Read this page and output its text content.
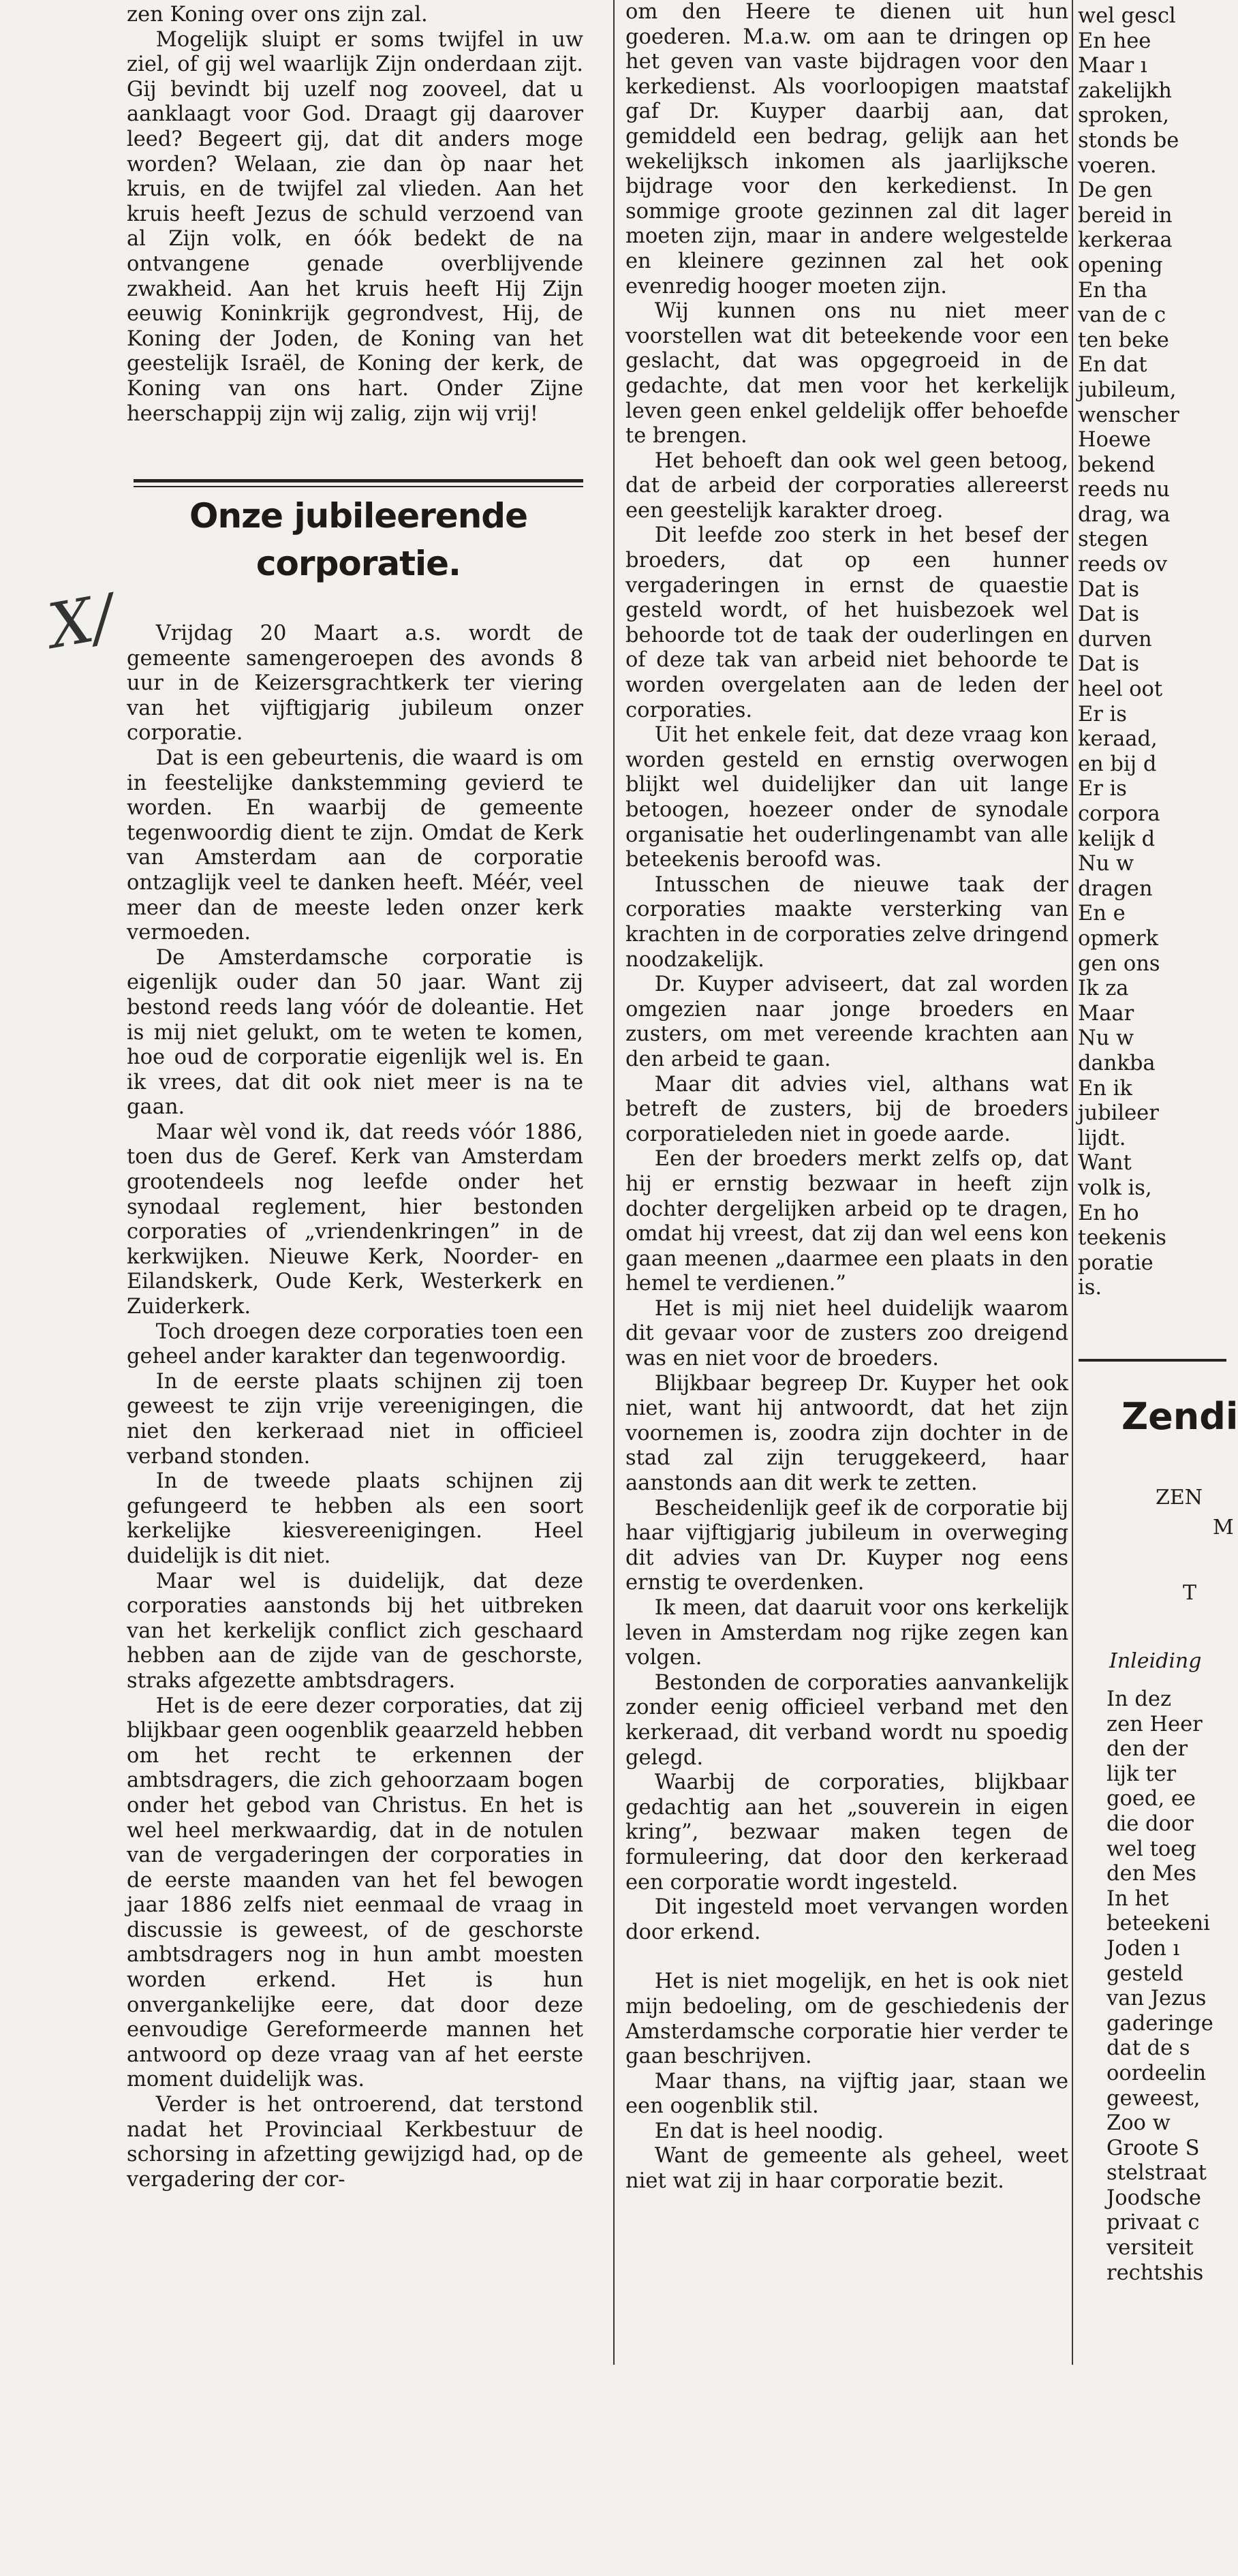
zen Koning over ons zijn zal.

Mogelijk sluipt er soms twijfel in uw ziel, of gij wel waarlijk Zijn onderdaan zijt. Gij bevindt bij uzelf nog zooveel, dat u aanklaagt voor God. Draagt gij daarover leed? Begeert gij, dat dit anders moge worden? Welaan, zie dan òp naar het kruis, en de twijfel zal vlieden. Aan het kruis heeft Jezus de schuld verzoend van al Zijn volk, en óók bedekt de na ontvangene genade overblijvende zwakheid. Aan het kruis heeft Hij Zijn eeuwig Koninkrijk gegrondvest, Hij, de Koning der Joden, de Koning van het geestelijk Israël, de Koning der kerk, de Koning van ons hart. Onder Zijne heerschappij zijn wij zalig, zijn wij vrij!

Onze jubileerende
corporatie.
X/	Vrijdag 20 Maart a.s. wordt de gemeente samengeroepen des avonds 8 uur in de Keizersgrachtkerk ter viering van het vijftigjarig jubileum onzer corporatie.

Dat is een gebeurtenis, die waard is om in feestelijke dankstemming gevierd te worden. En waarbij de gemeente tegenwoordig dient te zijn. Omdat de Kerk van Amsterdam aan de corporatie ontzaglijk veel te danken heeft. Méér, veel meer dan de meeste leden onzer kerk vermoeden.

De Amsterdamsche corporatie is eigenlijk ouder dan 50 jaar. Want zij bestond reeds lang vóór de doleantie. Het is mij niet gelukt, om te weten te komen, hoe oud de corporatie eigenlijk wel is. En ik vrees, dat dit ook niet meer is na te gaan.

Maar wèl vond ik, dat reeds vóór 1886, toen dus de Geref. Kerk van Amsterdam grootendeels nog leefde onder het synodaal reglement, hier bestonden corporaties of „vriendenkringen” in de kerkwijken. Nieuwe Kerk, Noorder- en Eilandskerk, Oude Kerk, Westerkerk en Zuiderkerk.

Toch droegen deze corporaties toen een geheel ander karakter dan tegenwoordig.

In de eerste plaats schijnen zij toen geweest te zijn vrije vereenigingen, die niet den kerkeraad niet in officieel verband stonden.

In de tweede plaats schijnen zij gefungeerd te hebben als een soort kerkelijke kiesvereenigingen. Heel duidelijk is dit niet.

Maar wel is duidelijk, dat deze corporaties aanstonds bij het uitbreken van het kerkelijk conflict zich geschaard hebben aan de zijde van de geschorste, straks afgezette ambtsdragers.

Het is de eere dezer corporaties, dat zij blijkbaar geen oogenblik geaarzeld hebben om het recht te erkennen der ambtsdragers, die zich gehoorzaam bogen onder het gebod van Christus. En het is wel heel merkwaardig, dat in de notulen van de vergaderingen der corporaties in de eerste maanden van het fel bewogen jaar 1886 zelfs niet eenmaal de vraag in discussie is geweest, of de geschorste ambtsdragers nog in hun ambt moesten worden erkend. Het is hun onvergankelijke eere, dat door deze eenvoudige Gereformeerde mannen het antwoord op deze vraag van af het eerste moment duidelijk was.

Verder is het ontroerend, dat terstond nadat het Provinciaal Kerkbestuur de schorsing in afzetting gewijzigd had, op de vergadering der cor-

om den Heere te dienen uit hun goederen. M.a.w. om aan te dringen op het geven van vaste bijdragen voor den kerkedienst. Als voorloopigen maatstaf gaf Dr. Kuyper daarbij aan, dat gemiddeld een bedrag, gelijk aan het wekelijksch inkomen als jaarlijksche bijdrage voor den kerkedienst. In sommige groote gezinnen zal dit lager moeten zijn, maar in andere welgestelde en kleinere gezinnen zal het ook evenredig hooger moeten zijn.

Wij kunnen ons nu niet meer voorstellen wat dit beteekende voor een geslacht, dat was opgegroeid in de gedachte, dat men voor het kerkelijk leven geen enkel geldelijk offer behoefde te brengen.

Het behoeft dan ook wel geen betoog, dat de arbeid der corporaties allereerst een geestelijk karakter droeg.

Dit leefde zoo sterk in het besef der broeders, dat op een hunner vergaderingen in ernst de quaestie gesteld wordt, of het huisbezoek wel behoorde tot de taak der ouderlingen en of deze tak van arbeid niet behoorde te worden overgelaten aan de leden der corporaties.

Uit het enkele feit, dat deze vraag kon worden gesteld en ernstig overwogen blijkt wel duidelijker dan uit lange betoogen, hoezeer onder de synodale organisatie het ouderlingenambt van alle beteekenis beroofd was.

Intusschen de nieuwe taak der corporaties maakte versterking van krachten in de corporaties zelve dringend noodzakelijk.

Dr. Kuyper adviseert, dat zal worden omgezien naar jonge broeders en zusters, om met vereende krachten aan den arbeid te gaan.

Maar dit advies viel, althans wat betreft de zusters, bij de broeders corporatieleden niet in goede aarde.

Een der broeders merkt zelfs op, dat hij er ernstig bezwaar in heeft zijn dochter dergelijken arbeid op te dragen, omdat hij vreest, dat zij dan wel eens kon gaan meenen „daarmee een plaats in den hemel te verdienen.”

Het is mij niet heel duidelijk waarom dit gevaar voor de zusters zoo dreigend was en niet voor de broeders.

Blijkbaar begreep Dr. Kuyper het ook niet, want hij antwoordt, dat het zijn voornemen is, zoodra zijn dochter in de stad zal zijn teruggekeerd, haar aanstonds aan dit werk te zetten.

Bescheidenlijk geef ik de corporatie bij haar vijftigjarig jubileum in overweging dit advies van Dr. Kuyper nog eens ernstig te overdenken.

Ik meen, dat daaruit voor ons kerkelijk leven in Amsterdam nog rijke zegen kan volgen.

Bestonden de corporaties aanvankelijk zonder eenig officieel verband met den kerkeraad, dit verband wordt nu spoedig gelegd.

Waarbij de corporaties, blijkbaar gedachtig aan het „souverein in eigen kring”, bezwaar maken tegen de formuleering, dat door den kerkeraad een corporatie wordt ingesteld.

Dit ingesteld moet vervangen worden door erkend.

Het is niet mogelijk, en het is ook niet mijn bedoeling, om de geschiedenis der Amsterdamsche corporatie hier verder te gaan beschrijven.

Maar thans, na vijftig jaar, staan we een oogenblik stil.

En dat is heel noodig.

Want de gemeente als geheel, weet niet wat zij in haar corporatie bezit.

wel gescl
En hee
Maar ı
zakelijkh
sproken,
stonds be
voeren.
De gen
bereid in
kerkeraa
opening
En tha
van de c
ten beke
En dat
jubileum,
wenscher
Hoewe
bekend
reeds nu
drag, wa
stegen
reeds ov
Dat is
Dat is
durven
Dat is
heel oot
Er is
keraad,
en bij d
Er is
corpora
kelijk d
Nu w
dragen
En e
opmerk
gen ons
Ik za
Maar
Nu w
dankba
En ik
jubileer
lijdt.
Want
volk is,
En ho
teekenis
poratie
is.
Zendi
ZEN
M
T
Inleiding
In dez
zen Heer
den der
lijk ter
goed, ee
die door
wel toeg
den Mes
In het
beteekeni
Joden ı
gesteld
van Jezus
gaderinge
dat de s
oordeelin
geweest,
Zoo w
Groote S
stelstraat
Joodsche
privaat c
versiteit
rechtshis
